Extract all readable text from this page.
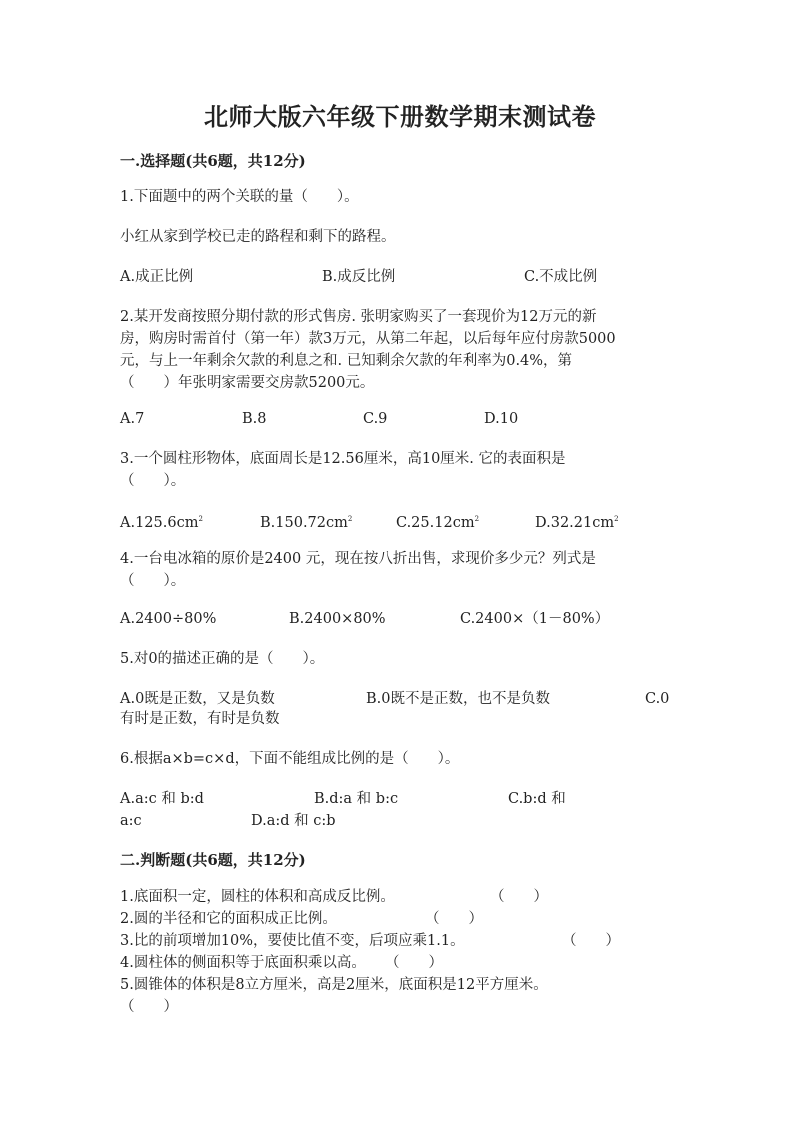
北师大版六年级下册数学期末测试卷
一.选择题(共6题，共12分)
1.下面题中的两个关联的量（　　）。
小红从家到学校已走的路程和剩下的路程。
A.成正比例	B.成反比例	C.不成比例
2.某开发商按照分期付款的形式售房. 张明家购买了一套现价为12万元的新
房，购房时需首付（第一年）款3万元，从第二年起，以后每年应付房款5000
元，与上一年剩余欠款的利息之和. 已知剩余欠款的年利率为0.4%，第
（　　）年张明家需要交房款5200元。
A.7	B.8	C.9	D.10
3.一个圆柱形物体，底面周长是12.56厘米，高10厘米. 它的表面积是
（　　）。
$A.125.6cm^2$	$B.150.72cm^2$	$C.25.12cm^2$	$D.32.21cm^2$
4.一台电冰箱的原价是2400 元，现在按八折出售，求现价多少元？列式是
（　　）。
A.2400÷80%	B.2400×80%	C.2400×（1－80%）
5.对0的描述正确的是（　　）。
A.0既是正数，又是负数	B.0既不是正数，也不是负数	C.0
有时是正数，有时是负数
6.根据a×b=c×d，下面不能组成比例的是（　　）。
A.a:c 和 b:d	B.d:a 和 b:c	C.b:d 和
a:c	D.a:d 和 c:b
二.判断题(共6题，共12分)
1.底面积一定，圆柱的体积和高成反比例。	（　　）
2.圆的半径和它的面积成正比例。	（　　）
3.比的前项增加10%，要使比值不变，后项应乘1.1。	（　　）
4.圆柱体的侧面积等于底面积乘以高。 （　　）
5.圆锥体的体积是8立方厘米，高是2厘米，底面积是12平方厘米。
（　　）
